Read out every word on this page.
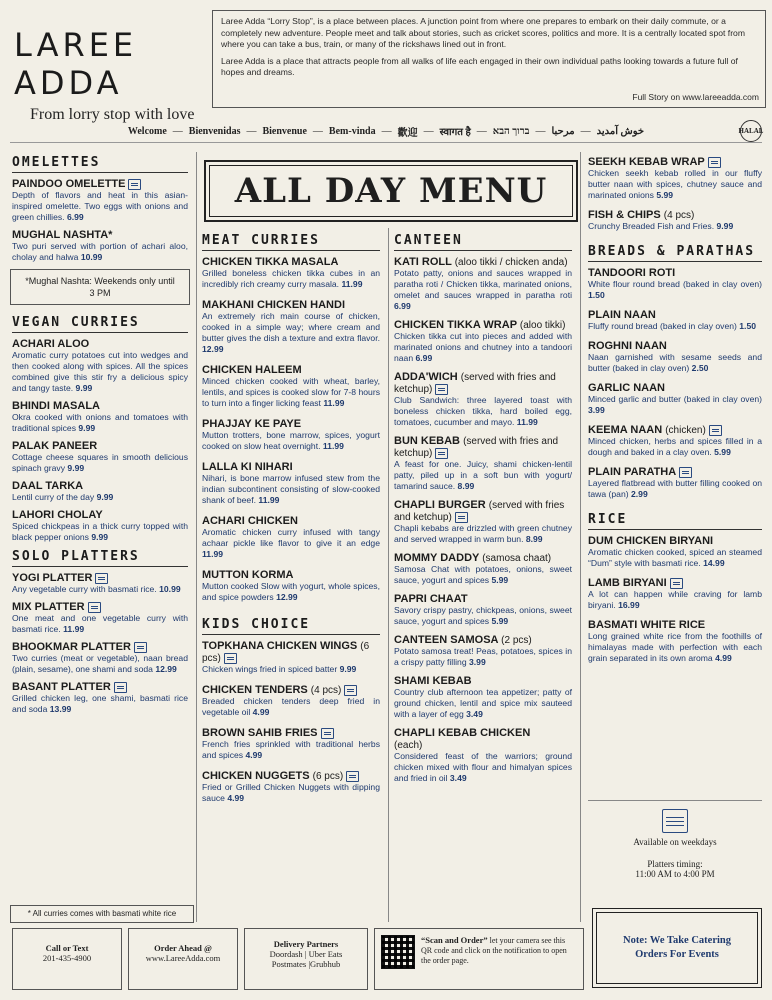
LAREE ADDA
From lorry stop with love

Laree Adda “Lorry Stop”, is a place between places. A junction point from where one prepares to embark on their daily commute, or a completely new adventure. People meet and talk about stories, such as cricket scores, politics and more. It is a centrally located spot from where you can take a bus, train, or many of the rickshaws lined out in front.

Laree Adda is a place that attracts people from all walks of life each engaged in their own individual paths looking towards a future full of hopes and dreams.

Full Story on www.lareeadda.com
Welcome — Bienvenidas — Bienvenue — Bem-vinda — 歡迎 — स्वागत है — ברוך הבא — مرحبا — خوش آمدید	HALAL
ALL DAY MENU
OMELETTES
PAINDOO OMELETTE
Depth of flavors and heat in this asian-inspired omelette. Two eggs with onions and green chillies. 6.99
MUGHAL NASHTA*
Two puri served with portion of achari aloo, cholay and halwa 10.99
*Mughal Nashta: Weekends only until 3 PM
VEGAN CURRIES
ACHARI ALOO
Aromatic curry potatoes cut into wedges and then cooked along with spices. All the spices combined give this stir fry a delicious spicy and tangy taste. 9.99
BHINDI MASALA
Okra cooked with onions and tomatoes with traditional spices 9.99
PALAK PANEER
Cottage cheese squares in smooth delicious spinach gravy 9.99
DAAL TARKA
Lentil curry of the day 9.99
LAHORI CHOLAY
Spiced chickpeas in a thick curry topped with black pepper onions 9.99
SOLO PLATTERS
YOGI PLATTER
Any vegetable curry with basmati rice. 10.99
MIX PLATTER
One meat and one vegetable curry with basmati rice. 11.99
BHOOKMAR PLATTER
Two curries (meat or vegetable), naan bread (plain, sesame), one shami and soda 12.99
BASANT PLATTER
Grilled chicken leg, one shami, basmati rice and soda 13.99
* All curries comes with basmati white rice
MEAT CURRIES
CHICKEN TIKKA MASALA
Grilled boneless chicken tikka cubes in an incredibly rich creamy curry masala. 11.99
MAKHANI CHICKEN HANDI
An extremely rich main course of chicken, cooked in a simple way; where cream and butter gives the dish a texture and extra flavor. 12.99
CHICKEN HALEEM
Minced chicken cooked with wheat, barley, lentils, and spices is cooked slow for 7-8 hours to turn into a finger licking feast 11.99
PHAJJAY KE PAYE
Mutton trotters, bone marrow, spices, yogurt cooked on slow heat overnight. 11.99
LALLA KI NIHARI
Nihari, is bone marrow infused stew from the indian subcontinent consisting of slow-cooked shank of beef. 11.99
ACHARI CHICKEN
Aromatic chicken curry infused with tangy achaar pickle like flavor to give it an edge 11.99
MUTTON KORMA
Mutton cooked Slow with yogurt, whole spices, and spice powders 12.99
KIDS CHOICE
TOPKHANA CHICKEN WINGS (6 pcs)
Chicken wings fried in spiced batter 9.99
CHICKEN TENDERS (4 pcs)
Breaded chicken tenders deep fried in vegetable oil 4.99
BROWN SAHIB FRIES
French fries sprinkled with traditional herbs and spices 4.99
CHICKEN NUGGETS (6 pcs)
Fried or Grilled Chicken Nuggets with dipping sauce 4.99
CANTEEN
KATI ROLL (aloo tikki / chicken anda)
Potato patty, onions and sauces wrapped in paratha roti / Chicken tikka, marinated onions, omelet and sauces wrapped in paratha roti 6.99
CHICKEN TIKKA WRAP (aloo tikki)
Chicken tikka cut into pieces and added with marinated onions and chutney into a tandoori naan 6.99
ADDA'WICH (served with fries and ketchup)
Club Sandwich: three layered toast with boneless chicken tikka, hard boiled egg, tomatoes, cucumber and mayo. 11.99
BUN KEBAB (served with fries and ketchup)
A feast for one. Juicy, shami chicken-lentil patty, piled up in a soft bun with yogurt/ tamarind sauce. 8.99
CHAPLI BURGER (served with fries and ketchup)
Chapli kebabs are drizzled with green chutney and served wrapped in warm bun. 8.99
MOMMY DADDY (samosa chaat)
Samosa Chat with potatoes, onions, sweet sauce, yogurt and spices 5.99
PAPRI CHAAT
Savory crispy pastry, chickpeas, onions, sweet sauce, yogurt and spices 5.99
CANTEEN SAMOSA (2 pcs)
Potato samosa treat! Peas, potatoes, spices in a crispy patty filling 3.99
SHAMI KEBAB
Country club afternoon tea appetizer; patty of ground chicken, lentil and spice mix sauteed with a layer of egg 3.49
CHAPLI KEBAB CHICKEN
(each)
Considered feast of the warriors; ground chicken mixed with flour and himalyan spices and fried in oil 3.49
SEEKH KEBAB WRAP
Chicken seekh kebab rolled in our fluffy butter naan with spices, chutney sauce and marinated onions 5.99
FISH & CHIPS (4 pcs)
Crunchy Breaded Fish and Fries. 9.99
BREADS & PARATHAS
TANDOORI ROTI
White flour round bread (baked in clay oven) 1.50
PLAIN NAAN
Fluffy round bread (baked in clay oven) 1.50
ROGHNI NAAN
Naan garnished with sesame seeds and butter (baked in clay oven) 2.50
GARLIC NAAN
Minced garlic and butter (baked in clay oven) 3.99
KEEMA NAAN (chicken)
Minced chicken, herbs and spices filled in a dough and baked in a clay oven. 5.99
PLAIN PARATHA
Layered flatbread with butter filling cooked on tawa (pan) 2.99
RICE
DUM CHICKEN BIRYANI
Aromatic chicken cooked, spiced an steamed “Dum” style with basmati rice. 14.99
LAMB BIRYANI
A lot can happen while craving for lamb biryani. 16.99
BASMATI WHITE RICE
Long grained white rice from the foothills of himalayas made with perfection with each grain separated in its own aroma 4.99
Available on weekdays
Platters timing:
11:00 AM to 4:00 PM
Note: We Take Catering Orders For Events
Call or Text
201-435-4900
Order Ahead @
www.LareeAdda.com
Delivery Partners
Doordash | Uber Eats Postmates |Grubhub
“Scan and Order” let your camera see this QR code and click on the notification to open the order page.
